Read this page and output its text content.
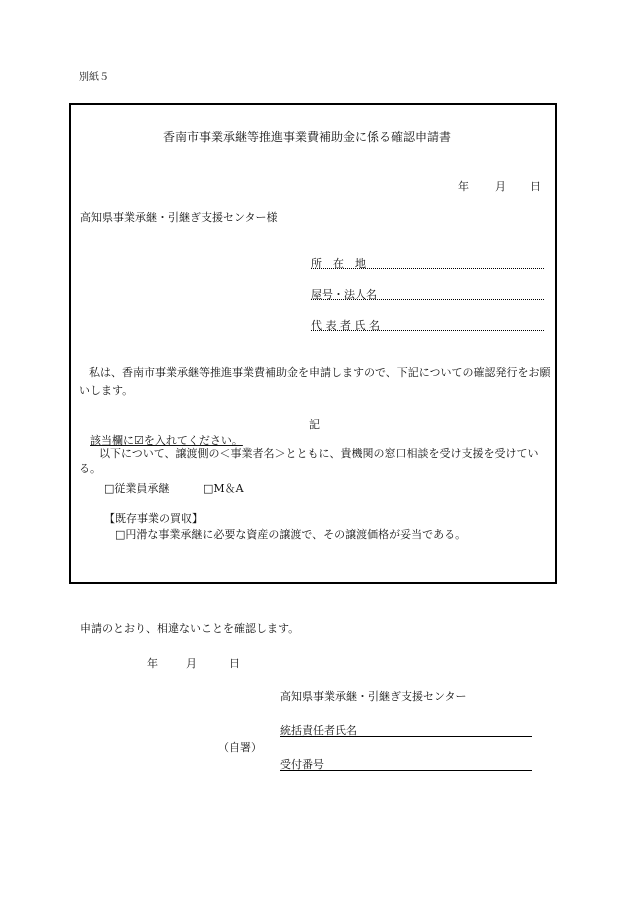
別紙５
香南市事業承継等推進事業費補助金に係る確認申請書
年 月 日
高知県事業承継・引継ぎ支援センター様
所　在　地
屋号・法人名
代 表 者 氏 名
私は、香南市事業承継等推進事業費補助金を申請しますので、下記についての確認発行をお願いします。
記
該当欄に☑を入れてください。
以下について、譲渡側の＜事業者名＞とともに、貴機関の窓口相談を受け支援を受けている。
□従業員承継	□M＆A
【既存事業の買収】
□円滑な事業承継に必要な資産の譲渡で、その譲渡価格が妥当である。
申請のとおり、相違ないことを確認します。
年	月	日
高知県事業承継・引継ぎ支援センター
統括責任者氏名
（自署）
受付番号
